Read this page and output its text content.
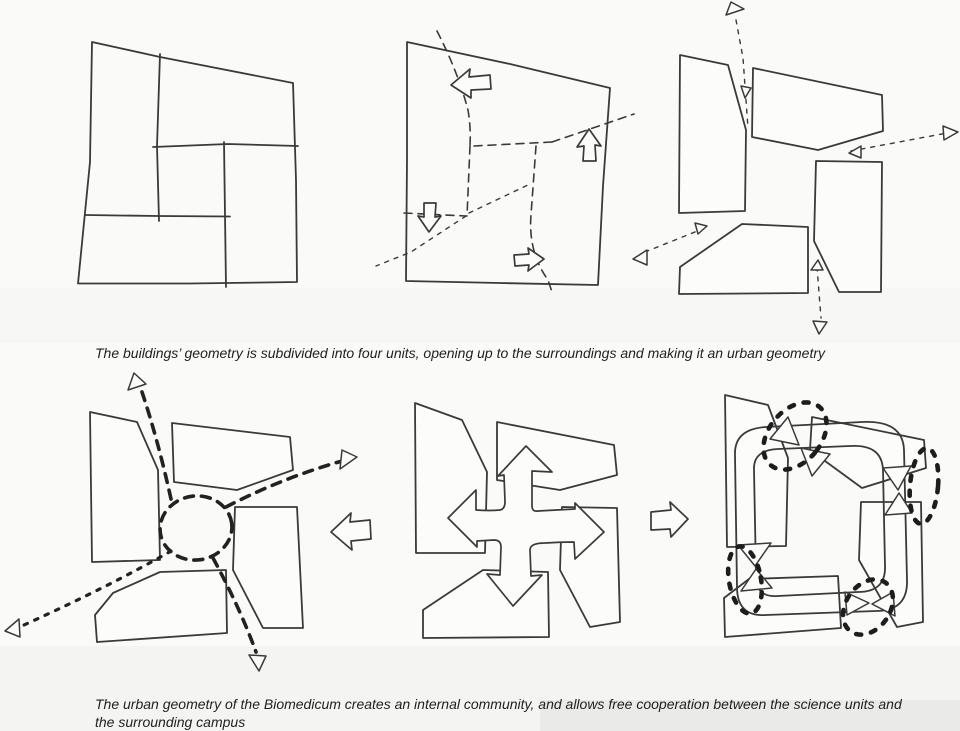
The buildings’ geometry is subdivided into four units, opening up to the surroundings and making it an urban geometry
The urban geometry of the Biomedicum creates an internal community, and allows free cooperation between the science units and the surrounding campus
